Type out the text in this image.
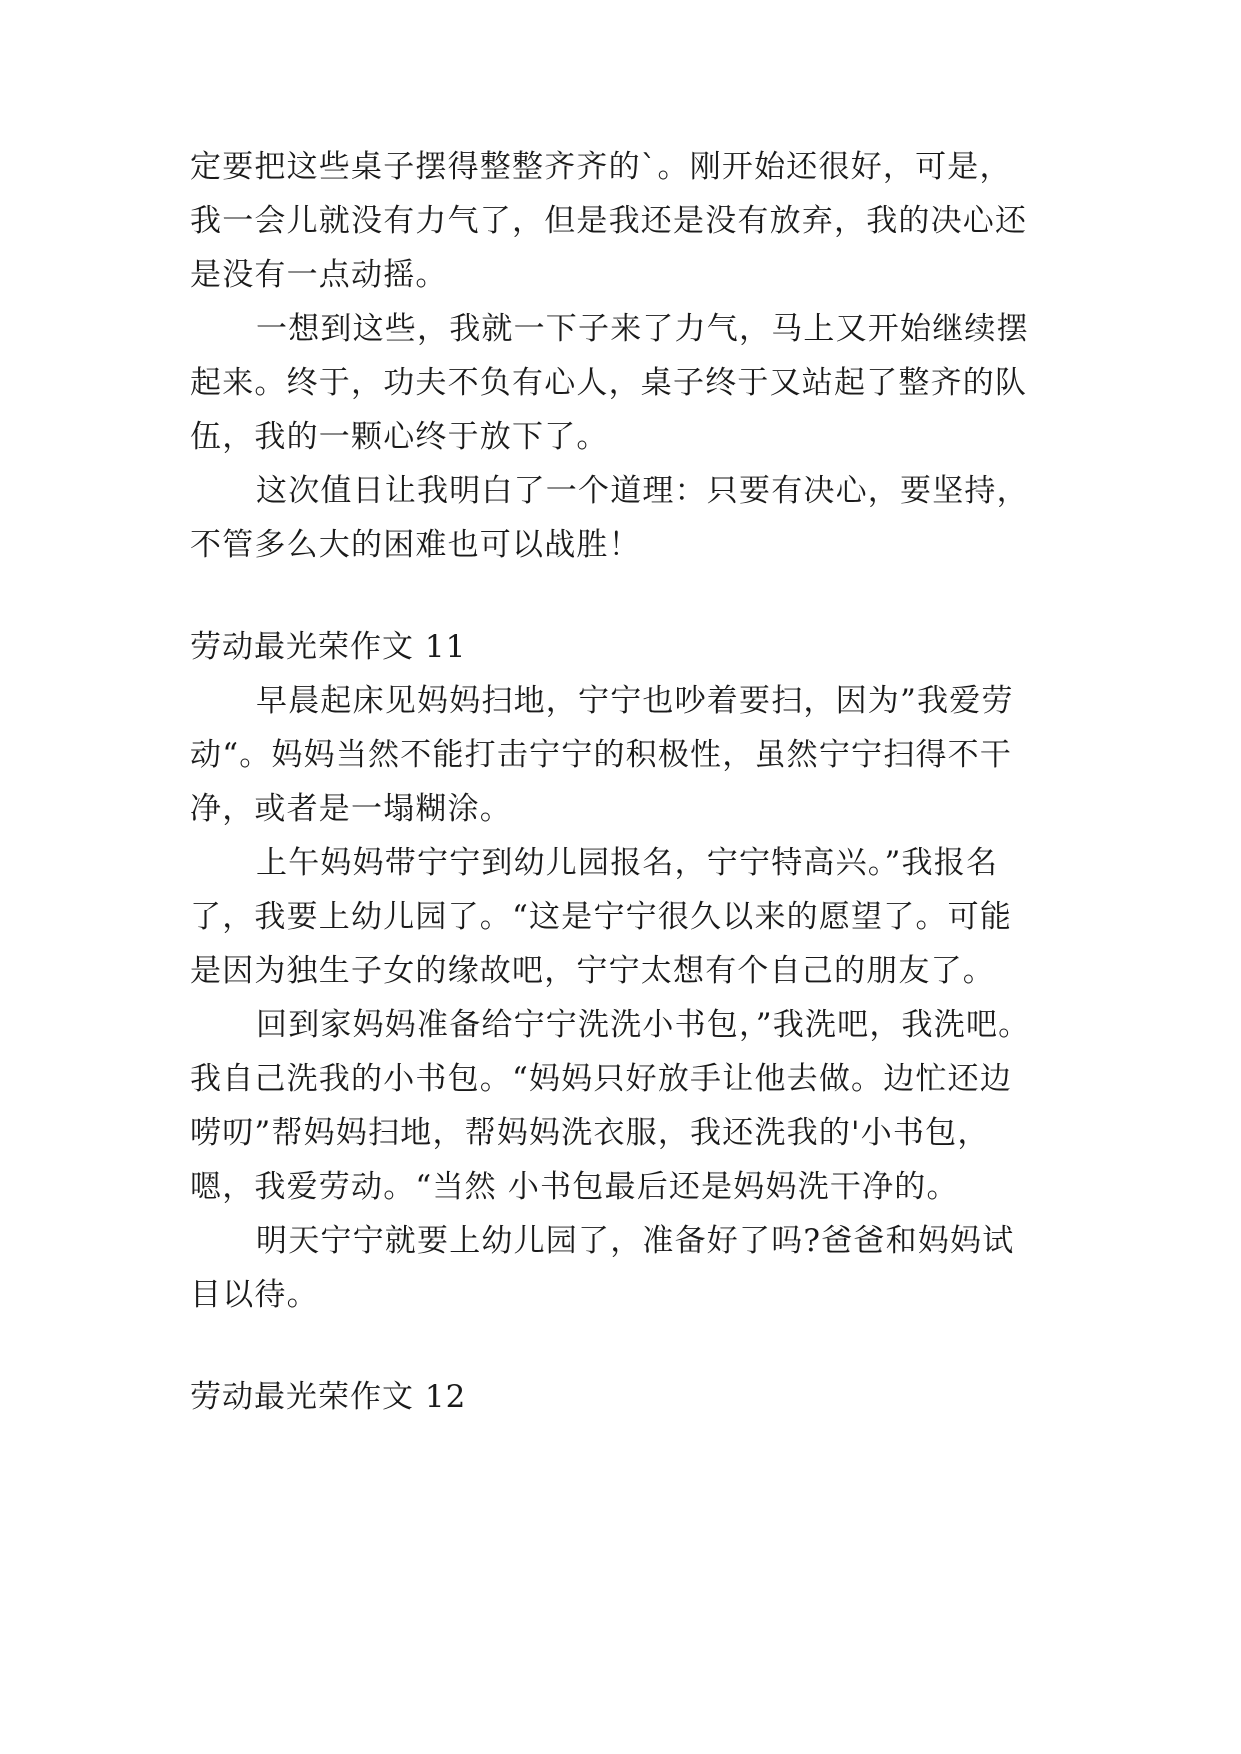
定要把这些桌子摆得整整齐齐的`。刚开始还很好，可是，
我一会儿就没有力气了，但是我还是没有放弃，我的决心还
是没有一点动摇。
一想到这些，我就一下子来了力气，马上又开始继续摆
起来。终于，功夫不负有心人，桌子终于又站起了整齐的队
伍，我的一颗心终于放下了。
这次值日让我明白了一个道理：只要有决心，要坚持，
不管多么大的困难也可以战胜！
劳动最光荣作文 11
早晨起床见妈妈扫地，宁宁也吵着要扫，因为”我爱劳
动“。妈妈当然不能打击宁宁的积极性，虽然宁宁扫得不干
净，或者是一塌糊涂。
上午妈妈带宁宁到幼儿园报名，宁宁特高兴。”我报名
了，我要上幼儿园了。“这是宁宁很久以来的愿望了。可能
是因为独生子女的缘故吧，宁宁太想有个自己的朋友了。
回到家妈妈准备给宁宁洗洗小书包，”我洗吧，我洗吧。
我自己洗我的小书包。“妈妈只好放手让他去做。边忙还边
唠叨”帮妈妈扫地，帮妈妈洗衣服，我还洗我的'小书包，
嗯，我爱劳动。“当然 小书包最后还是妈妈洗干净的。
明天宁宁就要上幼儿园了，准备好了吗?爸爸和妈妈试
目以待。
劳动最光荣作文 12
